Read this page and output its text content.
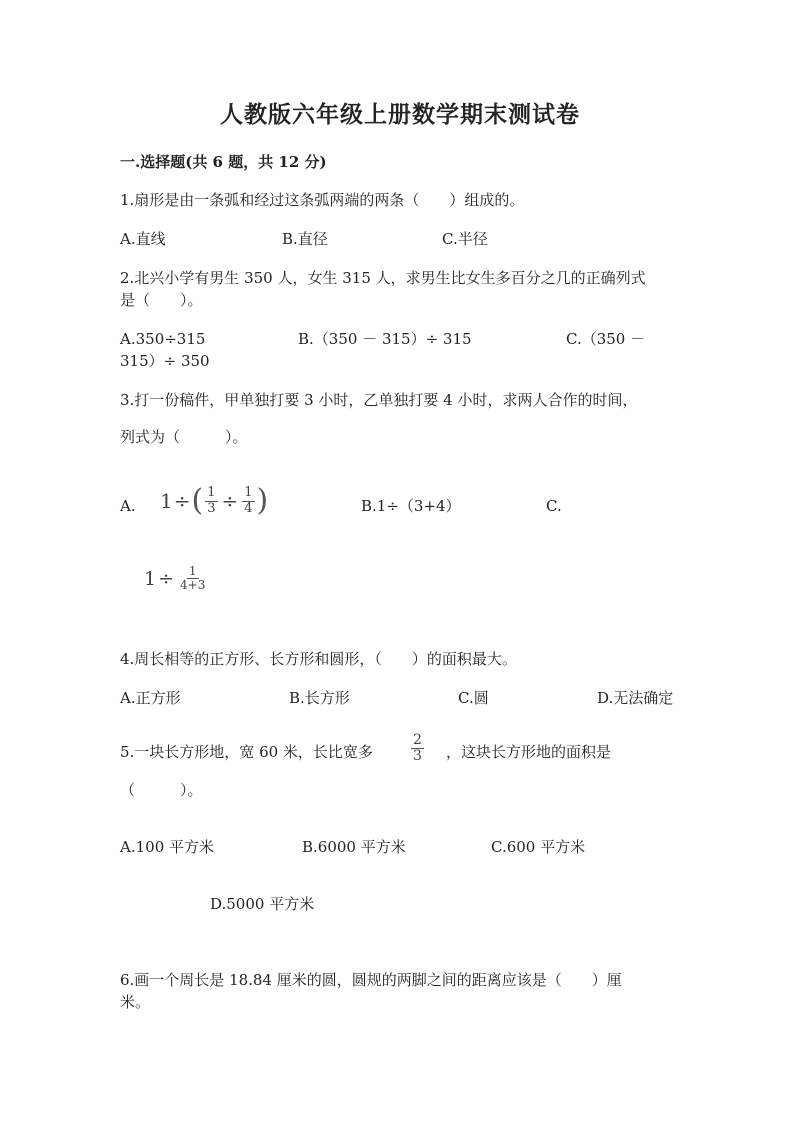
人教版六年级上册数学期末测试卷
一.选择题(共 6 题，共 12 分)
1.扇形是由一条弧和经过这条弧两端的两条（　　）组成的。
A.直线	B.直径	C.半径
2.北兴小学有男生 350 人，女生 315 人，求男生比女生多百分之几的正确列式
是（　　）。
A.350÷315	B.（350 － 315）÷ 315	C.（350 －
315）÷ 350
3.打一份稿件，甲单独打要 3 小时，乙单独打要 4 小时，求两人合作的时间，
列式为（　　　）。
A. 1 ÷ ( $\frac{1}{3} \div \frac{1}{4}$ )	B.1÷（3+4）	C.
$1 \div \frac{1}{4+3}$
4.周长相等的正方形、长方形和圆形，（　　）的面积最大。
A.正方形	B.长方形	C.圆	D.无法确定
5.一块长方形地，宽 60 米，长比宽多	$\frac{2}{3}$ ，这块长方形地的面积是
（　　　）。
A.100 平方米	B.6000 平方米	C.600 平方米
D.5000 平方米
6.画一个周长是 18.84 厘米的圆，圆规的两脚之间的距离应该是（　　）厘
米。
